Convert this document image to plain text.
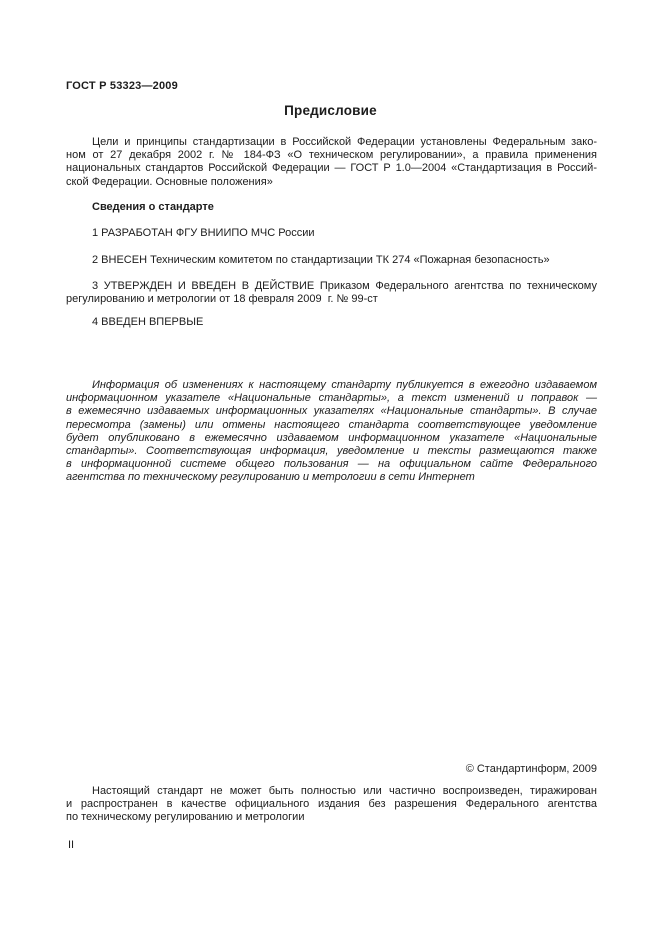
ГОСТ Р 53323—2009
Предисловие
Цели и принципы стандартизации в Российской Федерации установлены Федеральным зако-
ном от 27 декабря 2002 г. № 184-ФЗ «О техническом регулировании», а правила применения
национальных стандартов Российской Федерации — ГОСТ Р 1.0—2004 «Стандартизация в Россий-
ской Федерации. Основные положения»
Сведения о стандарте
1 РАЗРАБОТАН ФГУ ВНИИПО МЧС России
2 ВНЕСЕН Техническим комитетом по стандартизации ТК 274 «Пожарная безопасность»
3 УТВЕРЖДЕН И ВВЕДЕН В ДЕЙСТВИЕ Приказом Федерального агентства по техническому
регулированию и метрологии от 18 февраля 2009  г. № 99-ст
4 ВВЕДЕН ВПЕРВЫЕ
Информация об изменениях к настоящему стандарту публикуется в ежегодно издаваемом
информационном указателе «Национальные стандарты», а текст изменений и поправок —
в ежемесячно издаваемых информационных указателях «Национальные стандарты». В случае
пересмотра (замены) или отмены настоящего стандарта соответствующее уведомление
будет опубликовано в ежемесячно издаваемом информационном указателе «Национальные
стандарты». Соответствующая информация, уведомление и тексты размещаются также
в информационной системе общего пользования — на официальном сайте Федерального
агентства по техническому регулированию и метрологии в сети Интернет
© Стандартинформ, 2009
Настоящий стандарт не может быть полностью или частично воспроизведен, тиражирован
и распространен в качестве официального издания без разрешения Федерального агентства
по техническому регулированию и метрологии
II
